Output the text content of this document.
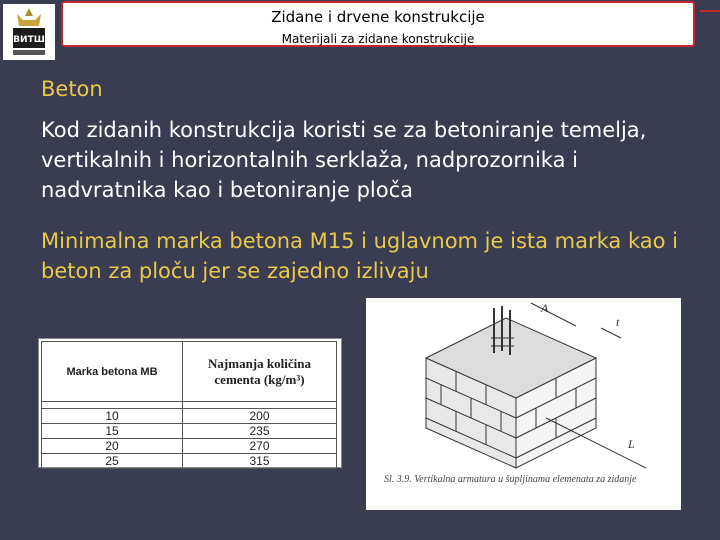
ВИТШ
Zidane i drvene konstrukcije
Materijali za zidane konstrukcije
Beton
Kod zidanih konstrukcija koristi se za betoniranje temelja, vertikalnih i horizontalnih serklaža, nadprozornika i nadvratnika kao i betoniranje ploča
Minimalna marka betona M15 i uglavnom je ista marka kao i beton za ploču jer se zajedno izlivaju
Marka betona MB	Najmanja količina cementa (kg/m³)

10	200
15	235
20	270
25	315
A
t
L
Sl. 3.9. Vertikalna armatura u šupljinama elemenata za zidanje
